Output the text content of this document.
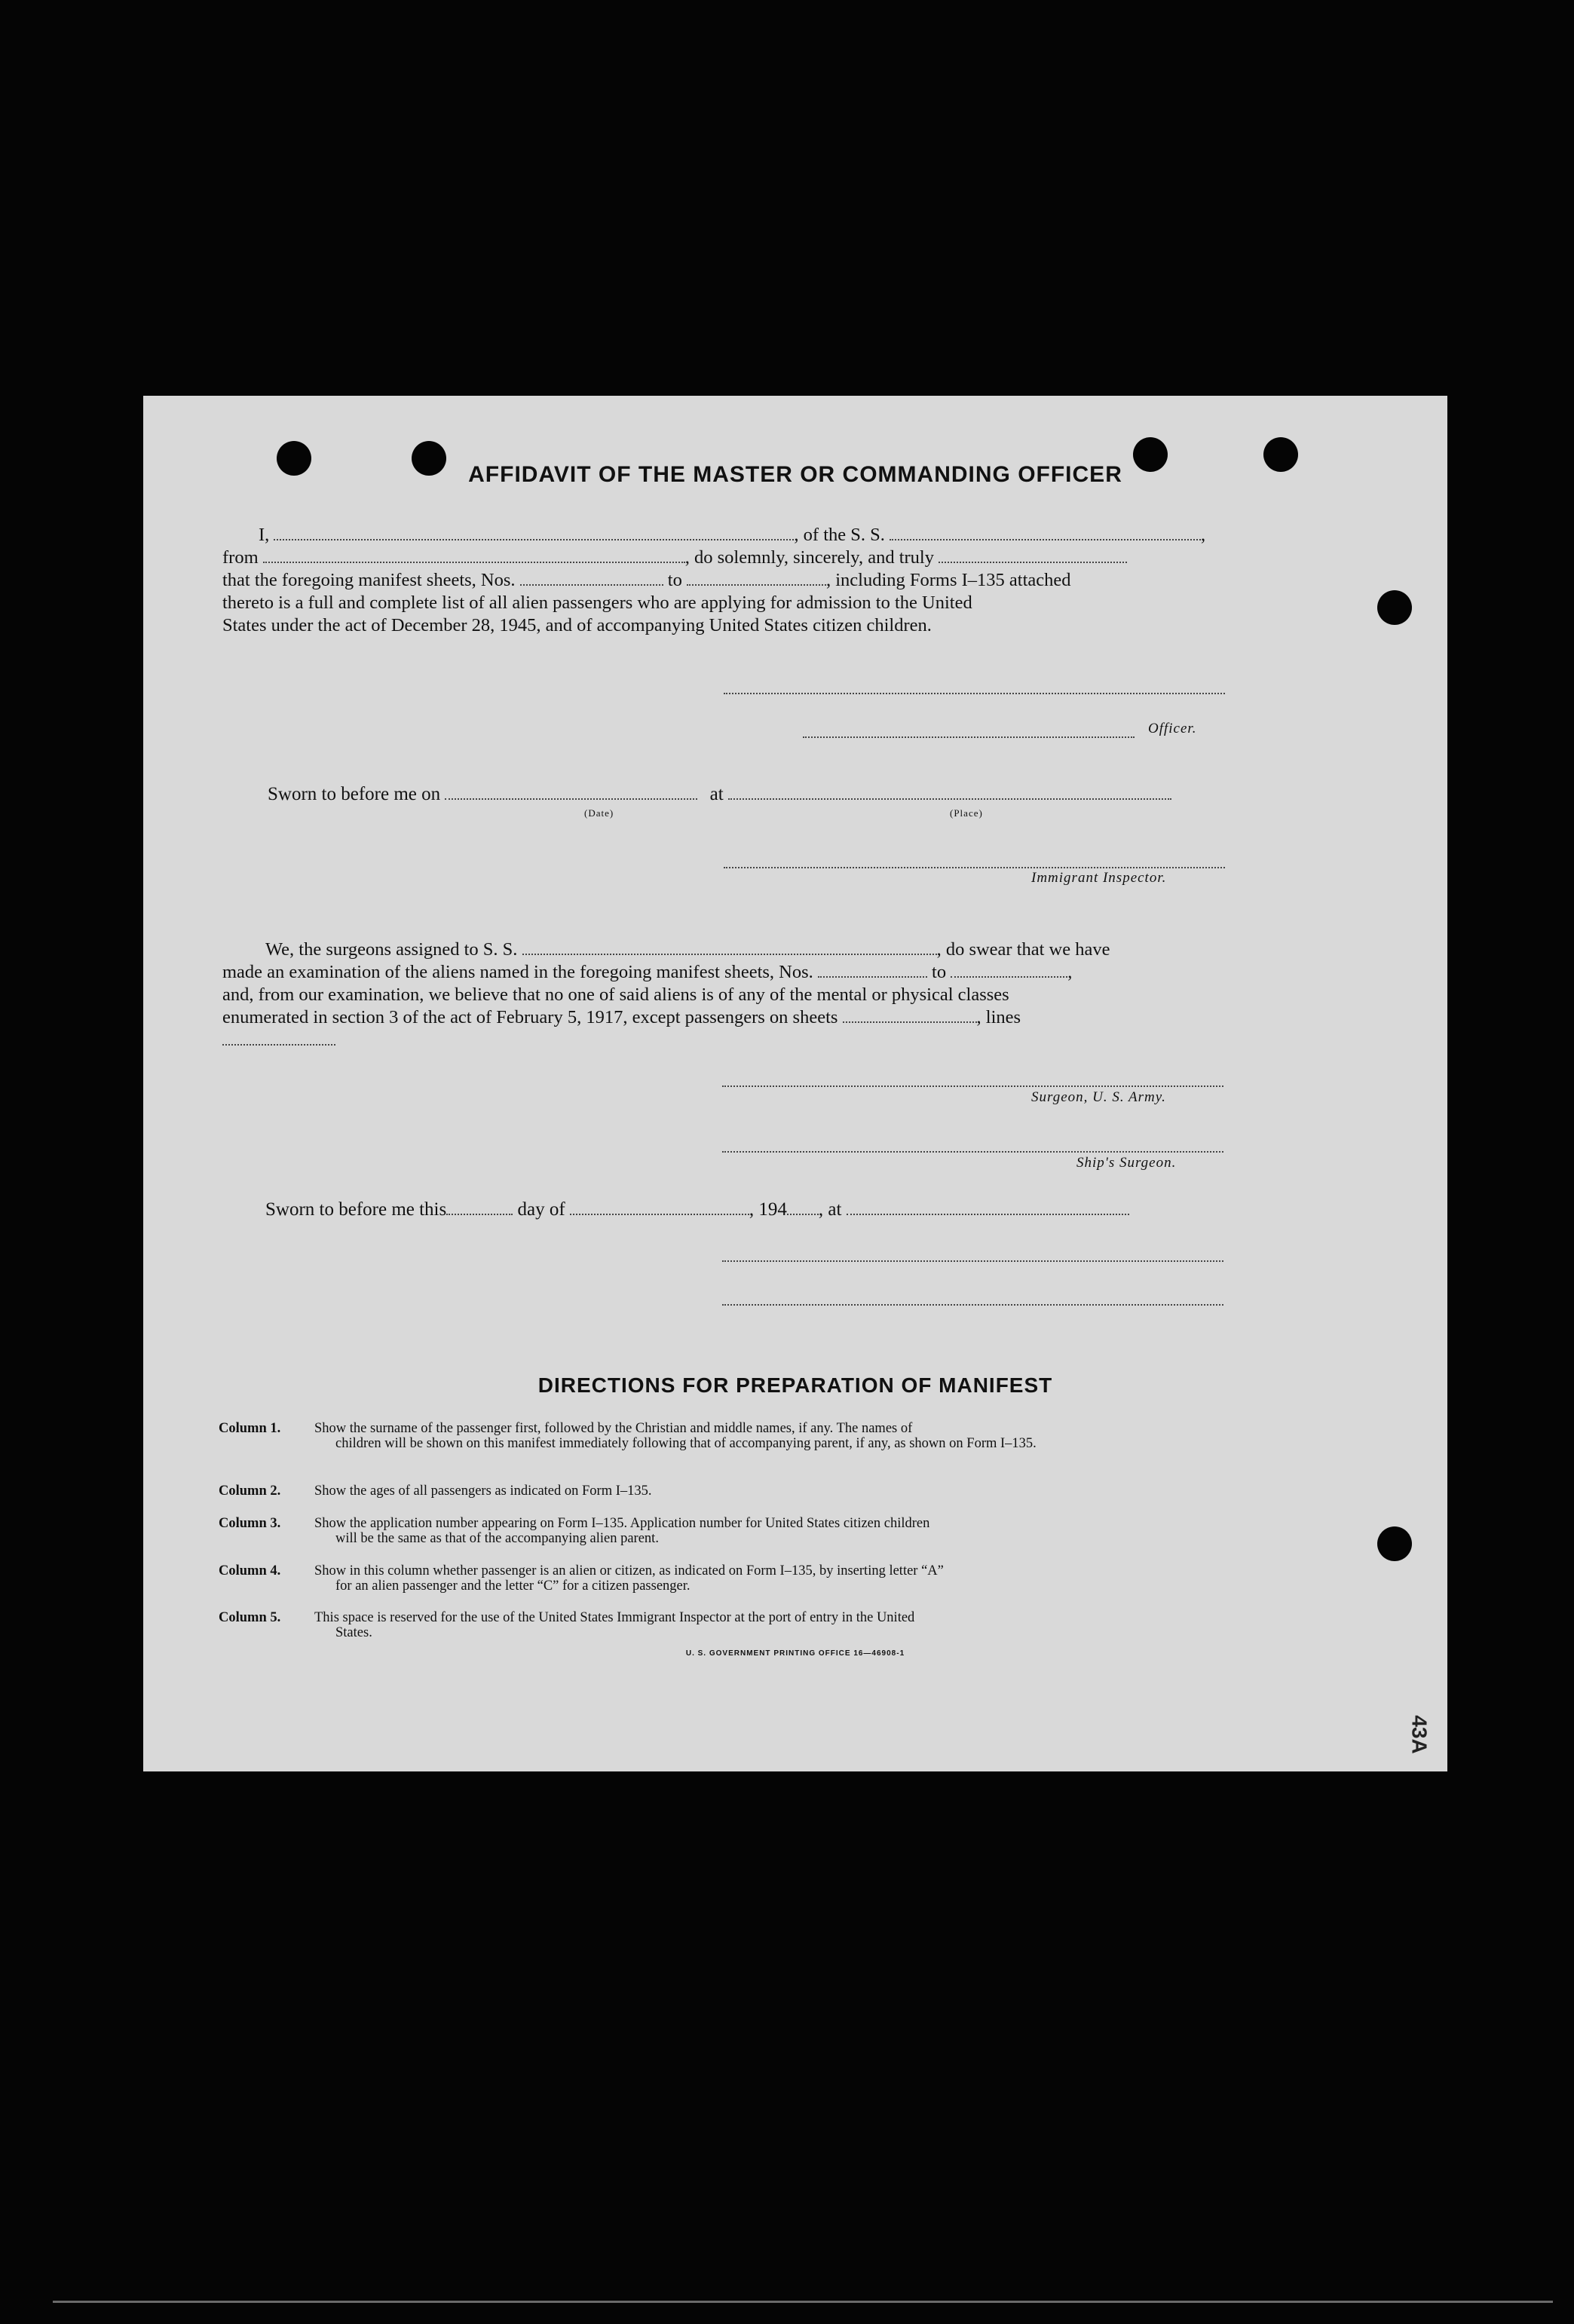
AFFIDAVIT OF THE MASTER OR COMMANDING OFFICER
I,	, of the S. S.	,
from	, do solemnly, sincerely, and truly
that the foregoing manifest sheets, Nos.	to	, including Forms I–135 attached
thereto is a full and complete list of all alien passengers who are applying for admission to the United
States under the act of December 28, 1945, and of accompanying United States citizen children.
Officer.
Sworn to before me on	at
(Date)	(Place)
Immigrant Inspector.
We, the surgeons assigned to S. S.	, do swear that we have
made an examination of the aliens named in the foregoing manifest sheets, Nos.	to	,
and, from our examination, we believe that no one of said aliens is of any of the mental or physical classes
enumerated in section 3 of the act of February 5, 1917, except passengers on sheets	, lines
Surgeon, U. S. Army.
Ship's Surgeon.
Sworn to before me this	day of	, 194 , at
DIRECTIONS FOR PREPARATION OF MANIFEST
Column 1.	Show the surname of the passenger first, followed by the Christian and middle names, if any. The names of
children will be shown on this manifest immediately following that of accompanying parent, if any, as shown on Form I–135.
Column 2.	Show the ages of all passengers as indicated on Form I–135.
Column 3.	Show the application number appearing on Form I–135. Application number for United States citizen children
will be the same as that of the accompanying alien parent.
Column 4.	Show in this column whether passenger is an alien or citizen, as indicated on Form I–135, by inserting letter “A”
for an alien passenger and the letter “C” for a citizen passenger.
Column 5.	This space is reserved for the use of the United States Immigrant Inspector at the port of entry in the United
States.
U. S. GOVERNMENT PRINTING OFFICE 16—46908-1
43A
